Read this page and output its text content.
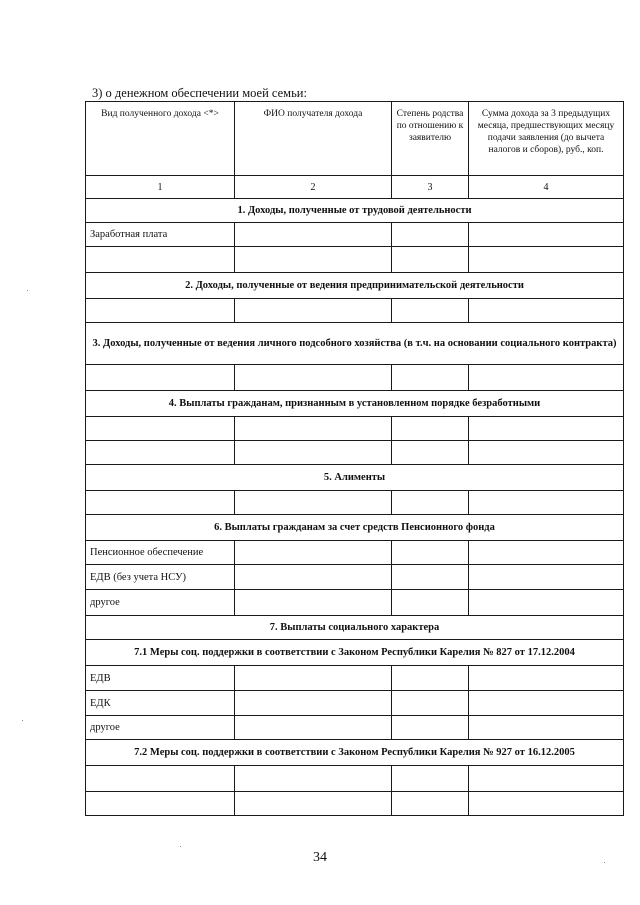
3) о денежном обеспечении моей семьи:

Вид полученного дохода <*>	ФИО получателя дохода	Степень родства по отношению к заявителю	Сумма дохода за 3 предыдущих месяца, предшествующих месяцу подачи заявления (до вычета налогов и сборов), руб., коп.
1	2	3	4
1. Доходы, полученные от трудовой деятельности			
Заработная плата			

2. Доходы, полученные от ведения предпринимательской деятельности			

3. Доходы, полученные от ведения личного подсобного хозяйства (в т.ч. на основании социального контракта)			

4. Выплаты гражданам, признанным в установленном порядке безработными			

5. Алименты			

6. Выплаты гражданам за счет средств Пенсионного фонда			
Пенсионное обеспечение			
ЕДВ (без учета НСУ)			
другое			
7. Выплаты социального характера			
7.1 Меры соц. поддержки в соответствии с Законом Республики Карелия № 827 от 17.12.2004			
ЕДВ			
ЕДК			
другое			
7.2 Меры соц. поддержки в соответствии с Законом Республики Карелия № 927 от 16.12.2005			

34
